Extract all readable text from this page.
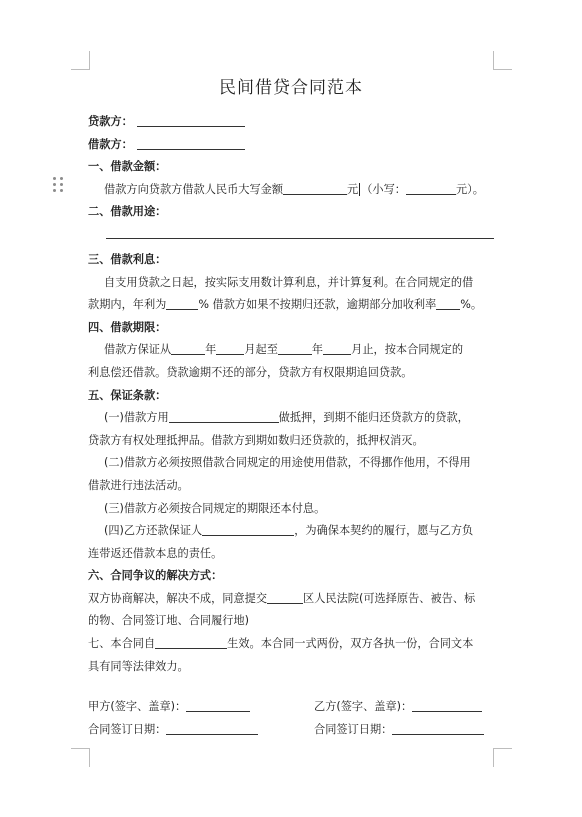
民间借贷合同范本
贷款方：
借款方：
一、借款金额：
借款方向贷款方借款人民币大写金额	元 （小写：	元）。
二、借款用途：
三、借款利息：
自支用贷款之日起，按实际支用数计算利息，并计算复利。在合同规定的借
款期内，年利为	% 借款方如果不按期归还款，逾期部分加收利率 %。
四、借款期限：
借款方保证从	年	月起至	年	月止，按本合同规定的
利息偿还借款。贷款逾期不还的部分，贷款方有权限期追回贷款。
五、保证条款：
(一)借款方用	做抵押，到期不能归还贷款方的贷款，
贷款方有权处理抵押品。借款方到期如数归还贷款的，抵押权消灭。
(二)借款方必须按照借款合同规定的用途使用借款，不得挪作他用，不得用
借款进行违法活动。
(三)借款方必须按合同规定的期限还本付息。
(四)乙方还款保证人	，为确保本契约的履行，愿与乙方负
连带返还借款本息的责任。
六、合同争议的解决方式：
双方协商解决，解决不成，同意提交	区人民法院(可选择原告、被告、标
的物、合同签订地、合同履行地)
七、本合同自	生效。本合同一式两份，双方各执一份，合同文本
具有同等法律效力。
甲方(签字、盖章)：	乙方(签字、盖章)：
合同签订日期：	合同签订日期：
